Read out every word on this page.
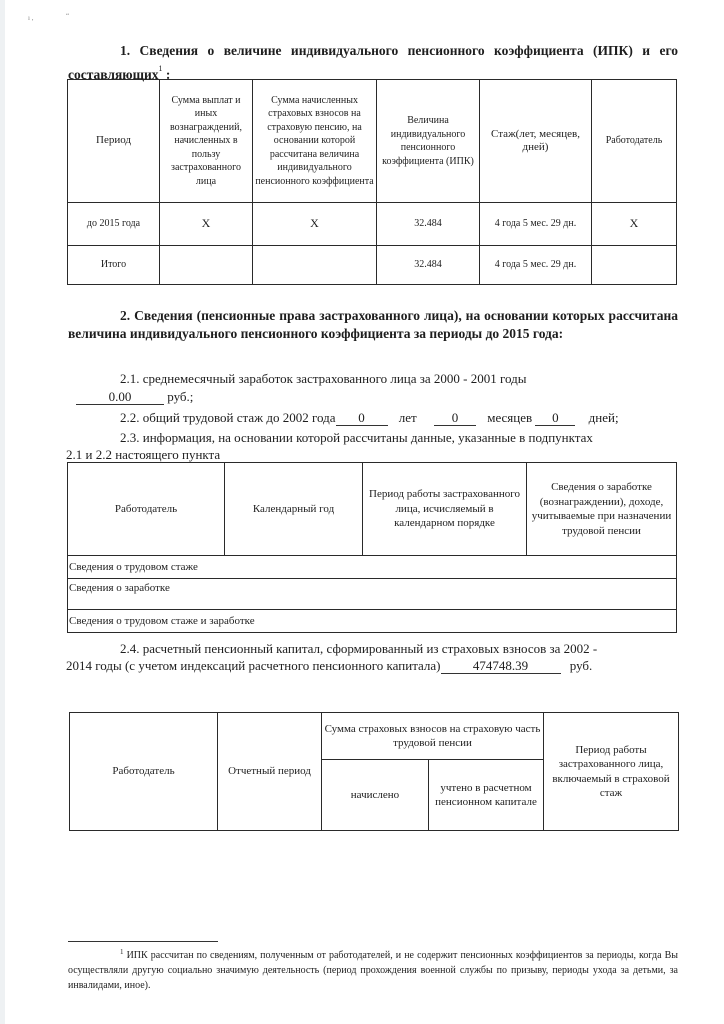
ı ,	“
1. Сведения о величине индивидуального пенсионного коэффициента (ИПК) и его составляющих$^1$ :
Период	Сумма выплат и иных вознаграждений, начисленных в пользу застрахованного лица	Сумма начисленных страховых взносов на страховую пенсию, на основании которой рассчитана величина индивидуального пенсионного коэффициента	Величина индивидуального пенсионного коэффициента (ИПК)	Стаж(лет, месяцев, дней)	Работодатель
до 2015 года	X	X	32.484	4 года 5 мес. 29 дн.	X
Итого			32.484	4 года 5 мес. 29 дн.	
2. Сведения (пенсионные права застрахованного лица), на основании которых рассчитана величина индивидуального пенсионного коэффициента за периоды до 2015 года:
2.1. среднемесячный заработок застрахованного лица за 2000 - 2001 годы
0.00	руб.;
2.2. общий трудовой стаж до 2002 года 0	лет	0 месяцев 0 дней;
2.3. информация, на основании которой рассчитаны данные, указанные в подпунктах
2.1 и 2.2 настоящего пункта
Работодатель	Календарный год	Период работы застрахованного лица, исчисляемый в календарном порядке	Сведения о заработке (вознаграждении), доходе, учитываемые при назначении трудовой пенсии
Сведения о трудовом стаже
Сведения о заработке
Сведения о трудовом стаже и заработке
2.4. расчетный пенсионный капитал, сформированный из страховых взносов за 2002 -
2014 годы (с учетом индексаций расчетного пенсионного капитала) 474748.39	руб.
Работодатель	Отчетный период	Сумма страховых взносов на страховую часть трудовой пенсии		Период работы застрахованного лица, включаемый в страховой стаж
		начислено	учтено в расчетном пенсионном капитале	
$^1$ ИПК рассчитан по сведениям, полученным от работодателей, и не содержит пенсионных коэффициентов за периоды, когда Вы осуществляли другую социально значимую деятельность (период прохождения военной службы по призыву, периоды ухода за детьми, за инвалидами, иное).
